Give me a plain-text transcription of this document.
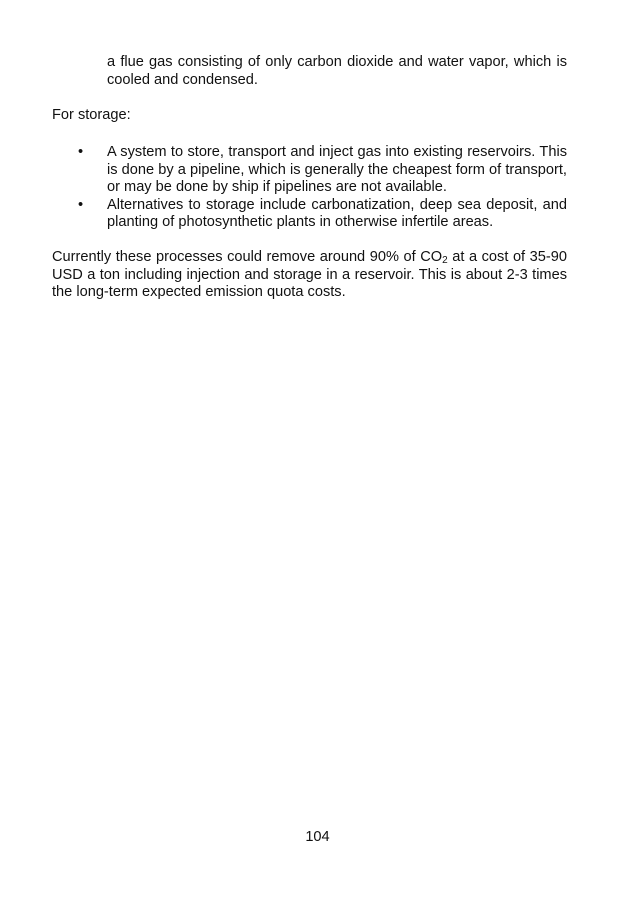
a flue gas consisting of only carbon dioxide and water vapor, which is cooled and condensed.

For storage:

•	A system to store, transport and inject gas into existing reservoirs. This is done by a pipeline, which is generally the cheapest form of transport, or may be done by ship if pipelines are not available.
•	Alternatives to storage include carbonatization, deep sea deposit, and planting of photosynthetic plants in otherwise infertile areas.

Currently these processes could remove around 90% of $CO_2$ at a cost of 35-90 USD a ton including injection and storage in a reservoir. This is about 2-3 times the long-term expected emission quota costs.

104
